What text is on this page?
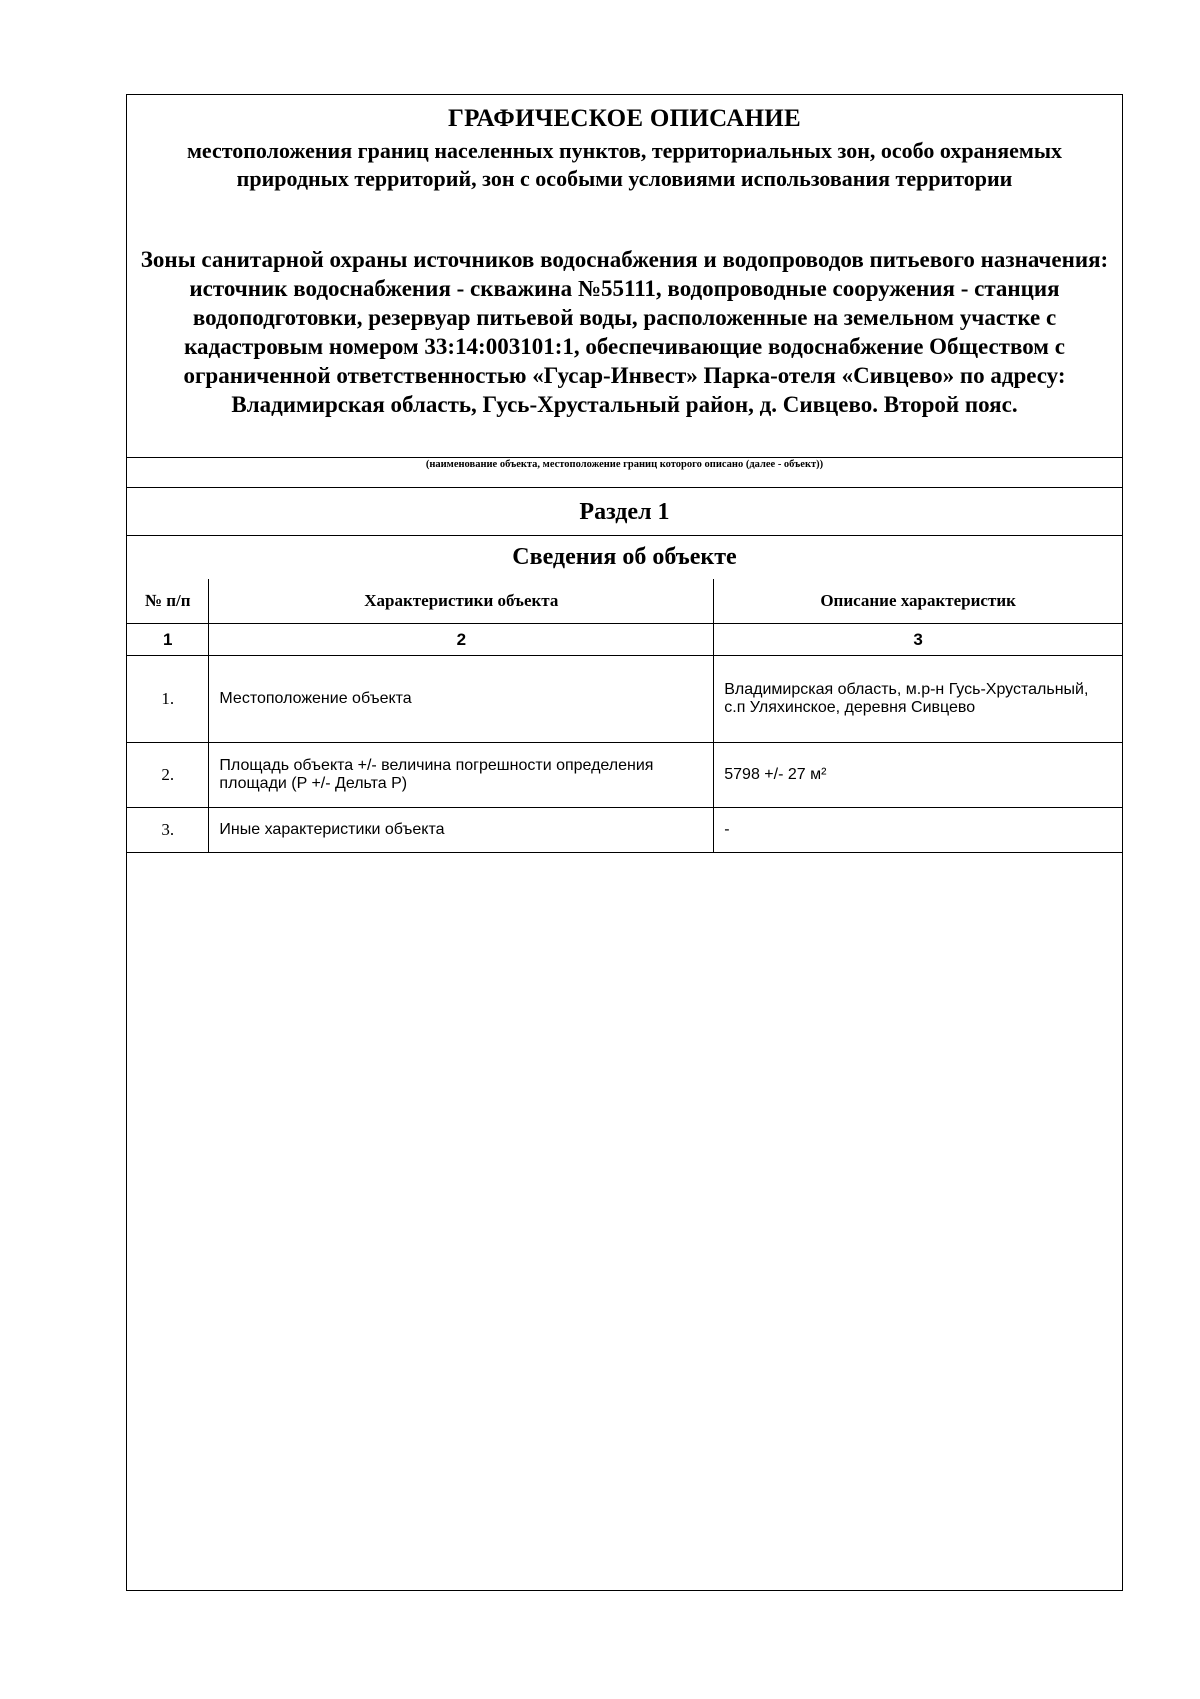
ГРАФИЧЕСКОЕ ОПИСАНИЕ
местоположения границ населенных пунктов, территориальных зон, особо охраняемых природных территорий, зон с особыми условиями использования территории
Зоны санитарной охраны источников водоснабжения и водопроводов питьевого назначения: источник водоснабжения - скважина №55111, водопроводные сооружения - станция водоподготовки, резервуар питьевой воды, расположенные на земельном участке с кадастровым номером 33:14:003101:1, обеспечивающие водоснабжение Обществом с ограниченной ответственностью «Гусар-Инвест» Парка-отеля «Сивцево» по адресу: Владимирская область, Гусь-Хрустальный район, д. Сивцево. Второй пояс.
(наименование объекта, местоположение границ которого описано (далее - объект))
Раздел 1
Сведения об объекте
№ п/п	Характеристики объекта	Описание характеристик
1	2	3
1.	Местоположение объекта	Владимирская область, м.р-н Гусь-Хрустальный, с.п Уляхинское, деревня Сивцево
2.	Площадь объекта +/- величина погрешности определения площади (P +/- Дельта P)	5798 +/- 27 м²
3.	Иные характеристики объекта	-
